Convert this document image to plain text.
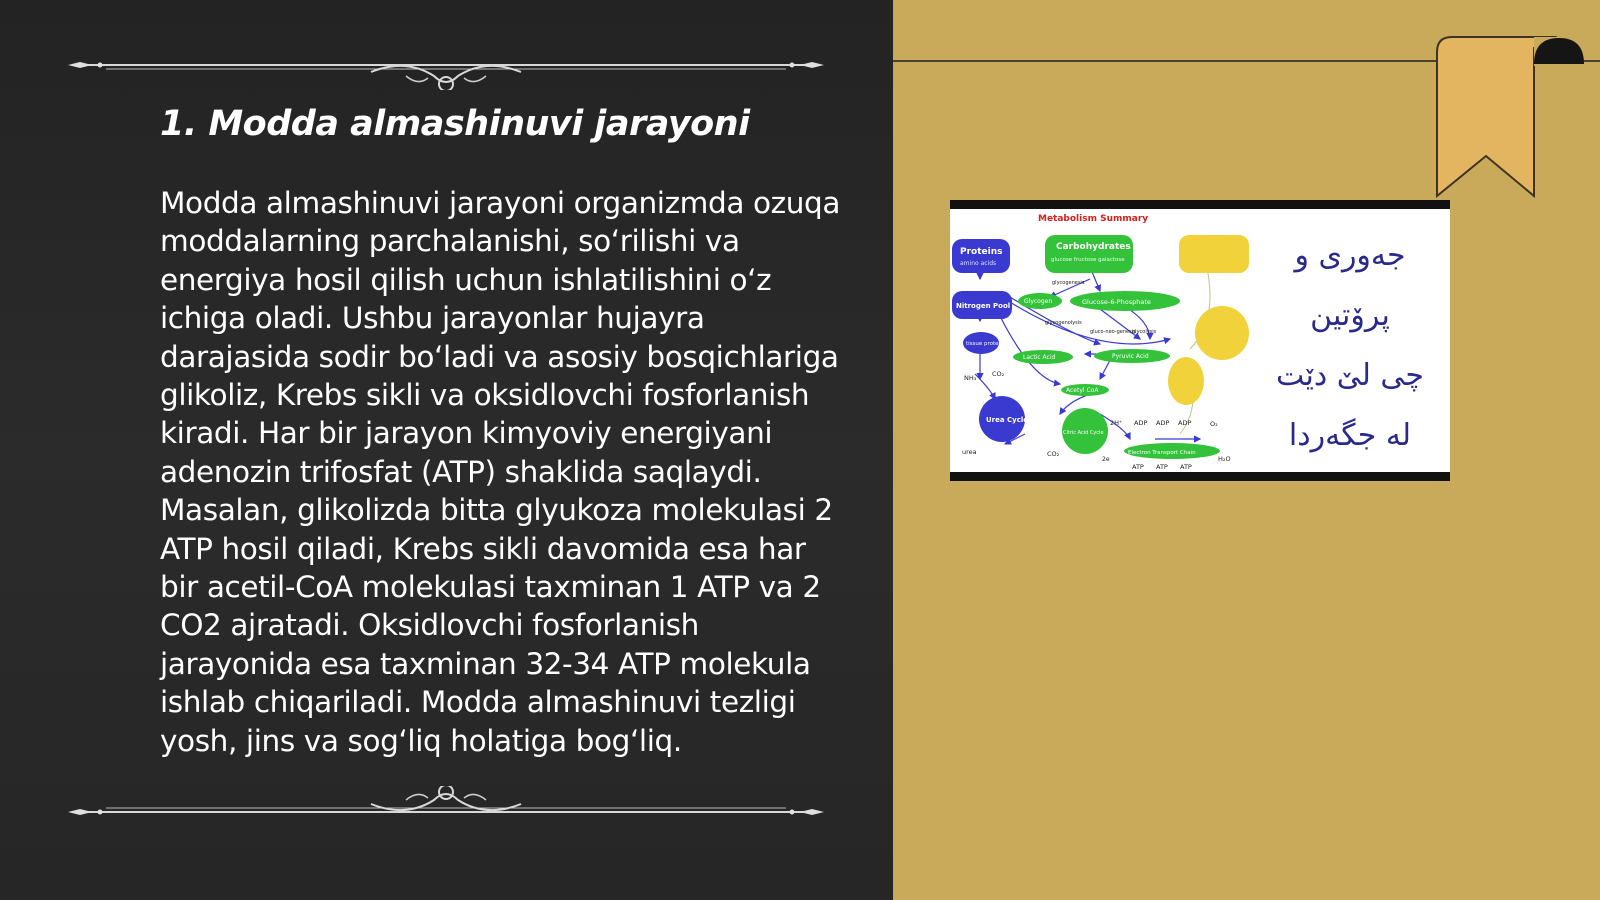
1. Modda almashinuvi jarayoni
Modda almashinuvi jarayoni organizmda ozuqa moddalarning parchalanishi, so‘rilishi va energiya hosil qilish uchun ishlatilishini o‘z ichiga oladi. Ushbu jarayonlar hujayra darajasida sodir bo‘ladi va asosiy bosqichlariga glikoliz, Krebs sikli va oksidlovchi fosforlanish kiradi. Har bir jarayon kimyoviy energiyani adenozin trifosfat (ATP) shaklida saqlaydi. Masalan, glikolizda bitta glyukoza molekulasi 2 ATP hosil qiladi, Krebs sikli davomida esa har bir acetil-CoA molekulasi taxminan 1 ATP va 2 CO2 ajratadi. Oksidlovchi fosforlanish jarayonida esa taxminan 32-34 ATP molekula ishlab chiqariladi. Modda almashinuvi tezligi yosh, jins va sog‘liq holatiga bog‘liq.
Metabolism Summary
Proteins
amino acids
Carbohydrates
glucose fructose galactose
Nitrogen Pool
tissue protein
Glycogen	Glucose-6-Phosphate
Lactic Acid	Pyruvic Acid
Acetyl CoA
Urea Cycle
Citric Acid Cycle
Electron Transport Chain
glycogenesis
glycogenolysis
gluco-neo-genesis
glycolysis
NH₃ CO₂
urea	CO₂
2H⁺
2e
ADP ADP ADP	O₂
H₂O
ATP ATP ATP
جەوری و
پرۆتین
چی لێ دێت
لە جگەردا
